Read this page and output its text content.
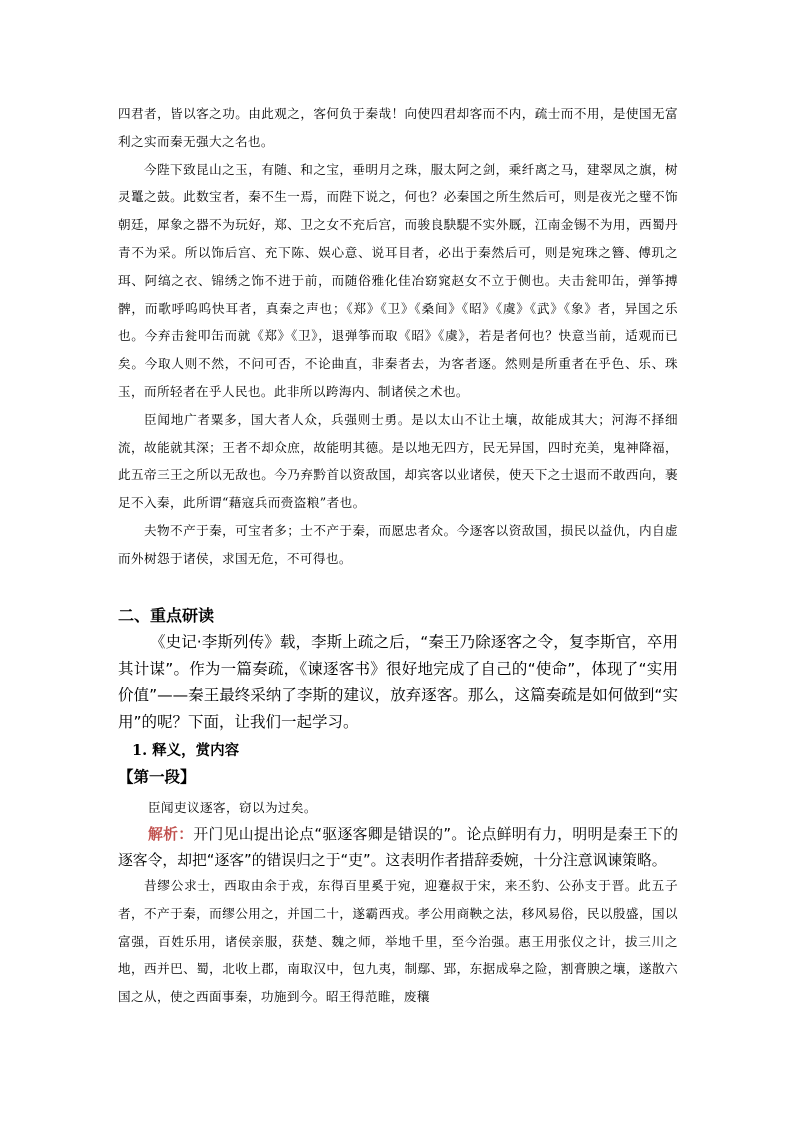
四君者，皆以客之功。由此观之，客何负于秦哉！向使四君却客而不内，疏士而不用，是使国无富利之实而秦无强大之名也。

今陛下致昆山之玉，有随、和之宝，垂明月之珠，服太阿之剑，乘纤离之马，建翠凤之旗，树灵鼍之鼓。此数宝者，秦不生一焉，而陛下说之，何也？必秦国之所生然后可，则是夜光之璧不饰朝廷，犀象之器不为玩好，郑、卫之女不充后宫，而骏良駃騠不实外厩，江南金锡不为用，西蜀丹青不为采。所以饰后宫、充下陈、娱心意、说耳目者，必出于秦然后可，则是宛珠之簪、傅玑之珥、阿缟之衣、锦绣之饰不进于前，而随俗雅化佳冶窈窕赵女不立于侧也。夫击瓮叩缶，弹筝搏髀，而歌呼呜呜快耳者，真秦之声也；《郑》《卫》《桑间》《昭》《虞》《武》《象》者，异国之乐也。今弃击瓮叩缶而就《郑》《卫》，退弹筝而取《昭》《虞》，若是者何也？快意当前，适观而已矣。今取人则不然，不问可否，不论曲直，非秦者去，为客者逐。然则是所重者在乎色、乐、珠玉，而所轻者在乎人民也。此非所以跨海内、制诸侯之术也。

臣闻地广者粟多，国大者人众，兵强则士勇。是以太山不让土壤，故能成其大；河海不择细流，故能就其深；王者不却众庶，故能明其德。是以地无四方，民无异国，四时充美，鬼神降福，此五帝三王之所以无敌也。今乃弃黔首以资敌国，却宾客以业诸侯，使天下之士退而不敢西向，裹足不入秦，此所谓“藉寇兵而赍盗粮”者也。

夫物不产于秦，可宝者多；士不产于秦，而愿忠者众。今逐客以资敌国，损民以益仇，内自虚而外树怨于诸侯，求国无危，不可得也。

二、重点研读

《史记·李斯列传》载，李斯上疏之后，“秦王乃除逐客之令，复李斯官，卒用其计谋”。作为一篇奏疏，《谏逐客书》很好地完成了自己的“使命”，体现了“实用价值”——秦王最终采纳了李斯的建议，放弃逐客。那么，这篇奏疏是如何做到“实用”的呢？下面，让我们一起学习。

1. 释义，赏内容

【第一段】

臣闻吏议逐客，窃以为过矣。

解析：开门见山提出论点“驱逐客卿是错误的”。论点鲜明有力，明明是秦王下的逐客令，却把“逐客”的错误归之于“吏”。这表明作者措辞委婉，十分注意讽谏策略。

昔缪公求士，西取由余于戎，东得百里奚于宛，迎蹇叔于宋，来丕豹、公孙支于晋。此五子者，不产于秦，而缪公用之，并国二十，遂霸西戎。孝公用商鞅之法，移风易俗，民以殷盛，国以富强，百姓乐用，诸侯亲服，获楚、魏之师，举地千里，至今治强。惠王用张仪之计，拔三川之地，西并巴、蜀，北收上郡，南取汉中，包九夷，制鄢、郢，东据成皋之险，割膏腴之壤，遂散六国之从，使之西面事秦，功施到今。昭王得范睢，废穰
